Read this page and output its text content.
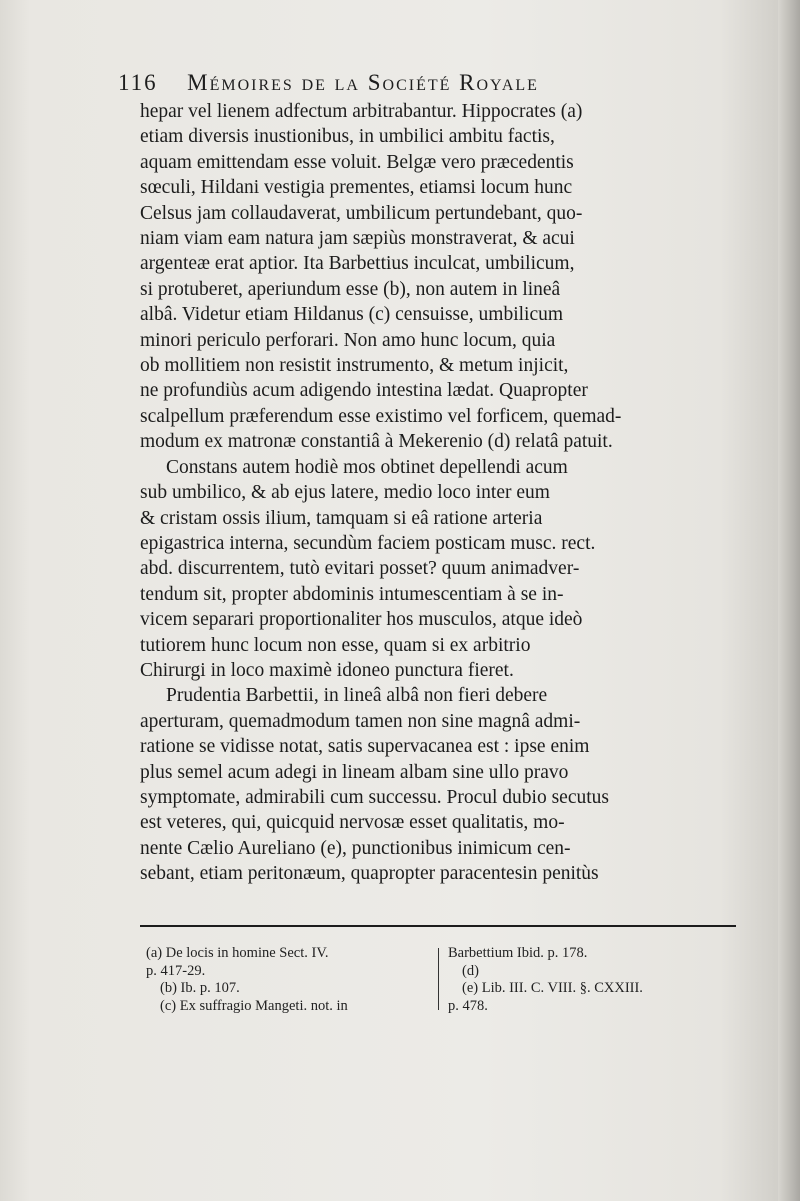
116 Mémoires de la Société Royale
hepar vel lienem adfectum arbitrabantur. Hippocrates (a)
etiam diversis inustionibus, in umbilici ambitu factis,
aquam emittendam esse voluit. Belgæ vero præcedentis
sœculi, Hildani vestigia prementes, etiamsi locum hunc
Celsus jam collaudaverat, umbilicum pertundebant, quo-
niam viam eam natura jam sæpiùs monstraverat, & acui
argenteæ erat aptior. Ita Barbettius inculcat, umbilicum,
si protuberet, aperiundum esse (b), non autem in lineâ
albâ. Videtur etiam Hildanus (c) censuisse, umbilicum
minori periculo perforari. Non amo hunc locum, quia
ob mollitiem non resistit instrumento, & metum injicit,
ne profundiùs acum adigendo intestina lædat. Quapropter
scalpellum præferendum esse existimo vel forficem, quemad-
modum ex matronæ constantiâ à Mekerenio (d) relatâ patuit.
Constans autem hodiè mos obtinet depellendi acum
sub umbilico, & ab ejus latere, medio loco inter eum
& cristam ossis ilium, tamquam si eâ ratione arteria
epigastrica interna, secundùm faciem posticam musc. rect.
abd. discurrentem, tutò evitari posset? quum animadver-
tendum sit, propter abdominis intumescentiam à se in-
vicem separari proportionaliter hos musculos, atque ideò
tutiorem hunc locum non esse, quam si ex arbitrio
Chirurgi in loco maximè idoneo punctura fieret.
Prudentia Barbettii, in lineâ albâ non fieri debere
aperturam, quemadmodum tamen non sine magnâ admi-
ratione se vidisse notat, satis supervacanea est : ipse enim
plus semel acum adegi in lineam albam sine ullo pravo
symptomate, admirabili cum successu. Procul dubio secutus
est veteres, qui, quicquid nervosæ esset qualitatis, mo-
nente Cælio Aureliano (e), punctionibus inimicum cen-
sebant, etiam peritonæum, quapropter paracentesin penitùs
(a) De locis in homine Sect. IV.
p. 417-29.
(b) Ib. p. 107.
(c) Ex suffragio Mangeti. not. in
Barbettium Ibid. p. 178.
(d)
(e) Lib. III. C. VIII. §. CXXIII.
p. 478.
